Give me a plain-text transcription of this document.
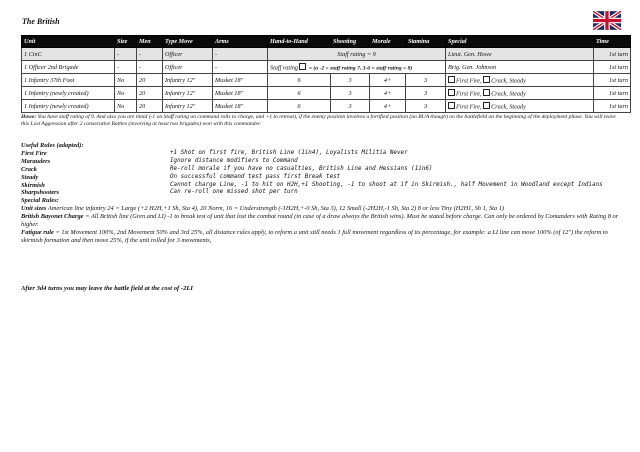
The British
Unit	Size	Men	Type Move	Arms	Hand-to-Hand	Shooting	Morale	Stamina	Special	Time
1 CinC	-	-	Officer	-	Staff rating = 9				Lieut. Gen. Howe	1st turn
1 Officer 2nd Brigade	-	-	Officer	-	Staff rating = (a -2 = staff rating 7, 3-6 = staff rating = 8)				Brig. Gen. Johnson	1st turn
1 Infantry 37th Foot	No	20	Infantry 12"	Musket 18"	6	3	4+	3	First Fire, Crack, Steady	1st turn
1 Infantry (newly created)	No	20	Infantry 12"	Musket 18"	6	3	4+	3	First Fire, Crack, Steady	1st turn
1 Infantry (newly created)	No	20	Infantry 12"	Musket 18"	6	3	4+	3	First Fire, Crack, Steady	1st turn
Howe: You have staff rating of 9. And also you are timid (-1 on Staff rating on command rolls to charge, and +1 to retreat), if the enemy position involves a fortified position (no BUA though) on the battlefield on the beginning of the deployment phase. You will leave this Lost Aggression after 2 consecutive Battles (involving at least two brigades) won with this commander.
Useful Rules (adapted):
First Fire	+1 Shot on first fire, British Line (1in4), Loyalists Militia Never
Marauders	Ignore distance modifiers to Command
Crack	Re-roll morale if you have no casualties, British Line and Hessians (1in6)
Steady	On successful command test pass first Break test
Skirmish	Cannot charge Line, -1 to hit on H2H,+1 Shooting, -1 to shoot at if in Skirmish., half Movement in Woodland except Indians
Sharpshooters	Can re-roll one missed shot per turn
Special Rules:
Unit sizes American line infantry 24 = Large (+2 H2H,+1 Sh, Sta 4), 20 Norm, 16 = Understrength (-1H2H,+-0 Sh, Sta 3), 12 Small (-2H2H,-1 Sh, Sta 2) 8 or less Tiny (H2H1, Sh 1, Sta 1)
British Bayonet Charge = All British line (Gren and LI) -1 to break test of unit that lost the combat round (in case of a draw always the British wins). Must be stated before charge. Can only be ordered by Comanders with Rating 8 or higher.
Fatigue rule = 1st Movement 100%, 2nd Movement 50% and 3rd 25%, all distance rules apply, to reform a unit still needs 1 full movement regardless of its percentage, for example: a LI line can move 100% (of 12") the reform to skirmish formation and then move 25%, if the unit rolled for 3 movements,
After 3d4 turns you may leave the battle field at the cost of -2LI
